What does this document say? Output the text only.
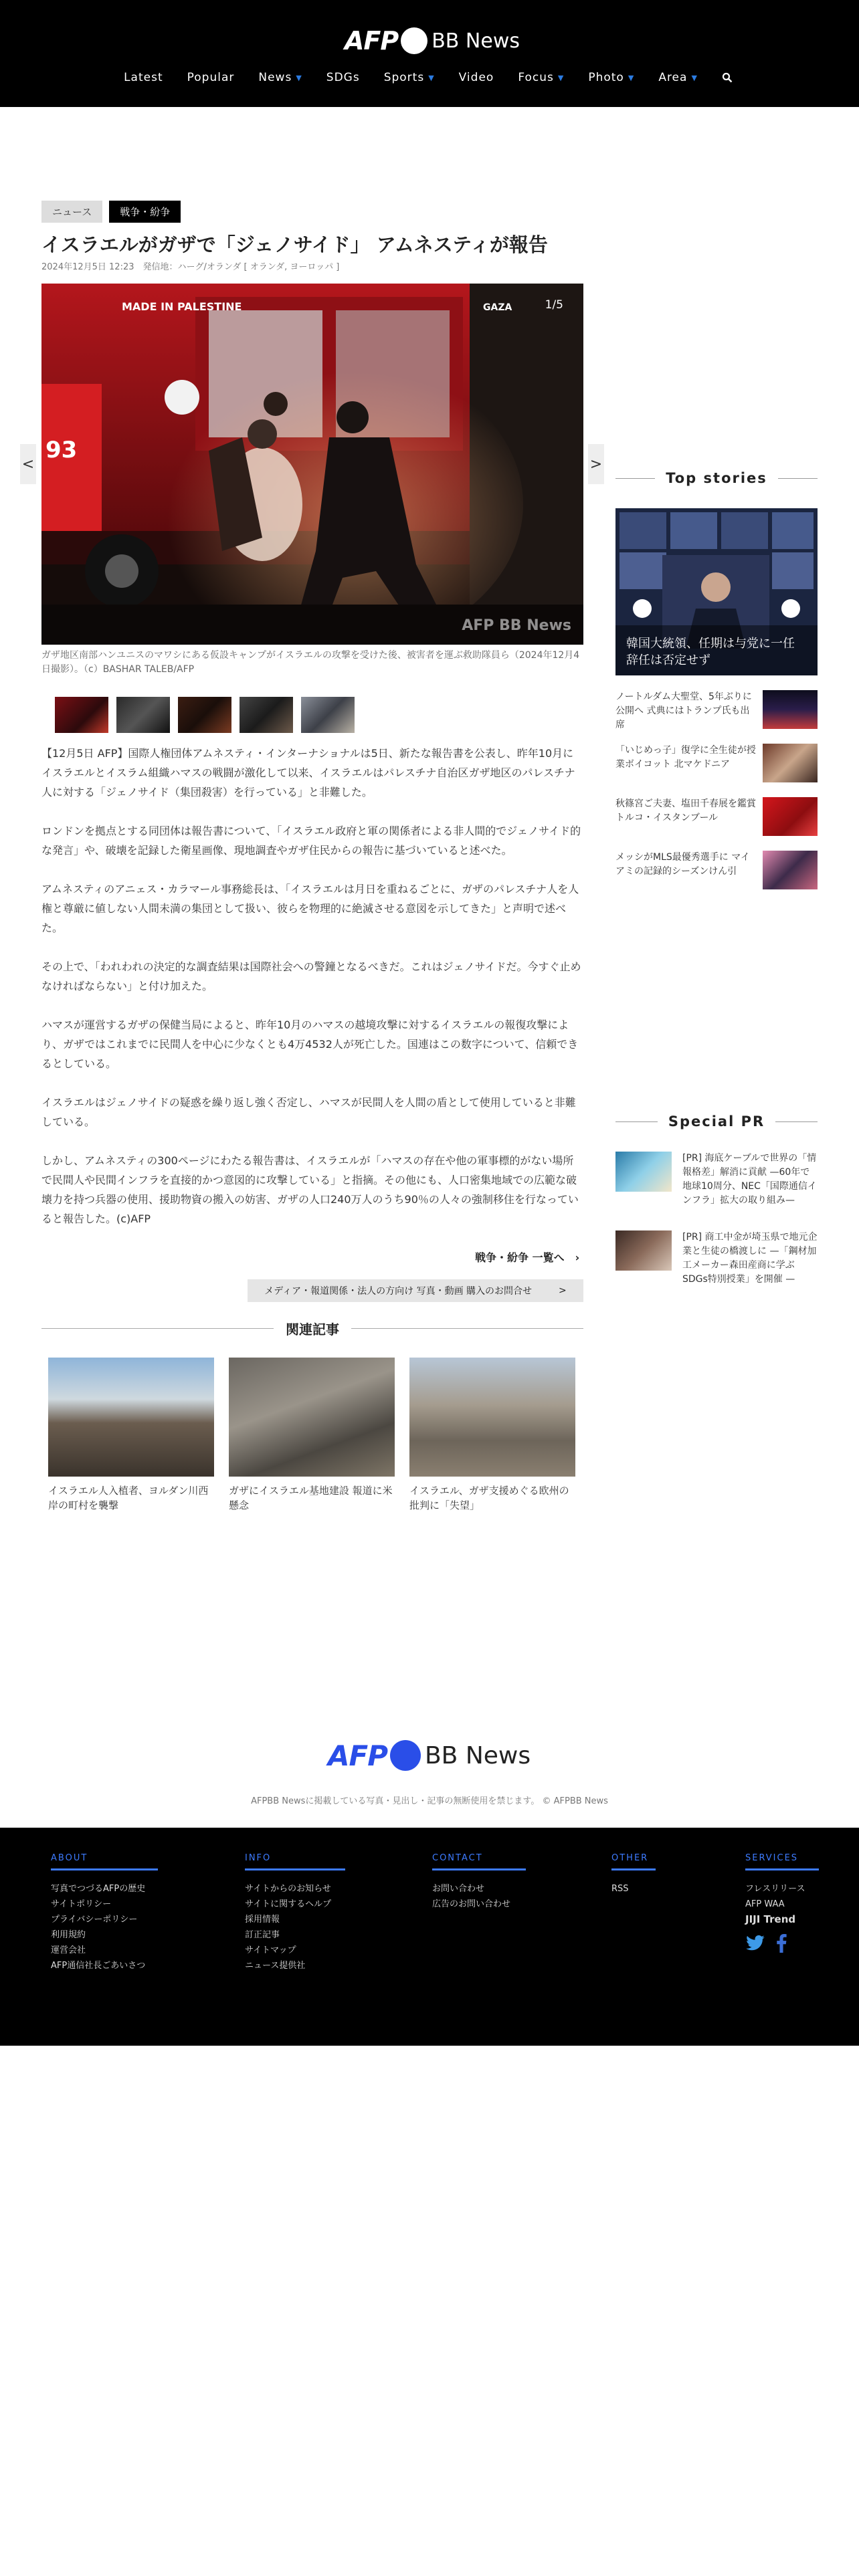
AFP BB News
Latest Popular News ▼ SDGs Sports ▼ Video Focus ▼ Photo ▼ Area ▼
ニュース	戦争・紛争
イスラエルがガザで「ジェノサイド」 アムネスティが報告
2024年12月5日 12:23　発信地：ハーグ/オランダ [ オランダ, ヨーロッパ ]
<	>
MADE IN PALESTINE	GAZA
93
1/5
AFP BB News
ガザ地区南部ハンユニスのマワシにある仮設キャンプがイスラエルの攻撃を受けた後、被害者を運ぶ救助隊員ら（2024年12月4日撮影）。（c）BASHAR TALEB/AFP

【12月5日 AFP】国際人権団体アムネスティ・インターナショナルは5日、新たな報告書を公表し、昨年10月にイスラエルとイスラム組織ハマスの戦闘が激化して以来、イスラエルはパレスチナ自治区ガザ地区のパレスチナ人に対する「ジェノサイド（集団殺害）を行っている」と非難した。

ロンドンを拠点とする同団体は報告書について、「イスラエル政府と軍の関係者による非人間的でジェノサイド的な発言」や、破壊を記録した衛星画像、現地調査やガザ住民からの報告に基づいていると述べた。

アムネスティのアニェス・カラマール事務総長は、「イスラエルは月日を重ねるごとに、ガザのパレスチナ人を人権と尊厳に値しない人間未満の集団として扱い、彼らを物理的に絶滅させる意図を示してきた」と声明で述べた。

その上で、「われわれの決定的な調査結果は国際社会への警鐘となるべきだ。これはジェノサイドだ。今すぐ止めなければならない」と付け加えた。

ハマスが運営するガザの保健当局によると、昨年10月のハマスの越境攻撃に対するイスラエルの報復攻撃により、ガザではこれまでに民間人を中心に少なくとも4万4532人が死亡した。国連はこの数字について、信頼できるとしている。

イスラエルはジェノサイドの疑惑を繰り返し強く否定し、ハマスが民間人を人間の盾として使用していると非難している。

しかし、アムネスティの300ページにわたる報告書は、イスラエルが「ハマスの存在や他の軍事標的がない場所で民間人や民間インフラを直接的かつ意図的に攻撃している」と指摘。その他にも、人口密集地域での広範な破壊力を持つ兵器の使用、援助物資の搬入の妨害、ガザの人口240万人のうち90％の人々の強制移住を行なっていると報告した。(c)AFP

戦争・紛争 一覧へ　 ›
メディア・報道関係・法人の方向け 写真・動画 購入のお問合せ	>
関連記事
イスラエル人入植者、ヨルダン川西岸の町村を襲撃
ガザにイスラエル基地建設 報道に米懸念
イスラエル、ガザ支援めぐる欧州の批判に「失望」
Top stories
韓国大統領、任期は与党に一任 辞任は否定せず
ノートルダム大聖堂、5年ぶりに公開へ 式典にはトランプ氏も出席
「いじめっ子」復学に全生徒が授業ボイコット 北マケドニア
秋篠宮ご夫妻、塩田千春展を鑑賞 トルコ・イスタンブール
メッシがMLS最優秀選手に マイアミの記録的シーズンけん引
Special PR
[PR] 海底ケーブルで世界の「情報格差」解消に貢献 —60年で地球10周分、NEC「国際通信インフラ」拡大の取り組み—
[PR] 商工中金が埼玉県で地元企業と生徒の橋渡しに —「鋼材加工メーカー森田産商に学ぶSDGs特別授業」を開催 —
AFP BB News
AFPBB Newsに掲載している写真・見出し・記事の無断使用を禁じます。 © AFPBB News
ABOUT
写真でつづるAFPの歴史
サイトポリシー
プライバシーポリシー
利用規約
運営会社
AFP通信社長ごあいさつ
INFO
サイトからのお知らせ
サイトに関するヘルプ
採用情報
訂正記事
サイトマップ
ニュース提供社
CONTACT
お問い合わせ
広告のお問い合わせ
OTHER
RSS
SERVICES
フレスリリース
AFP WAA
JIJI Trend
